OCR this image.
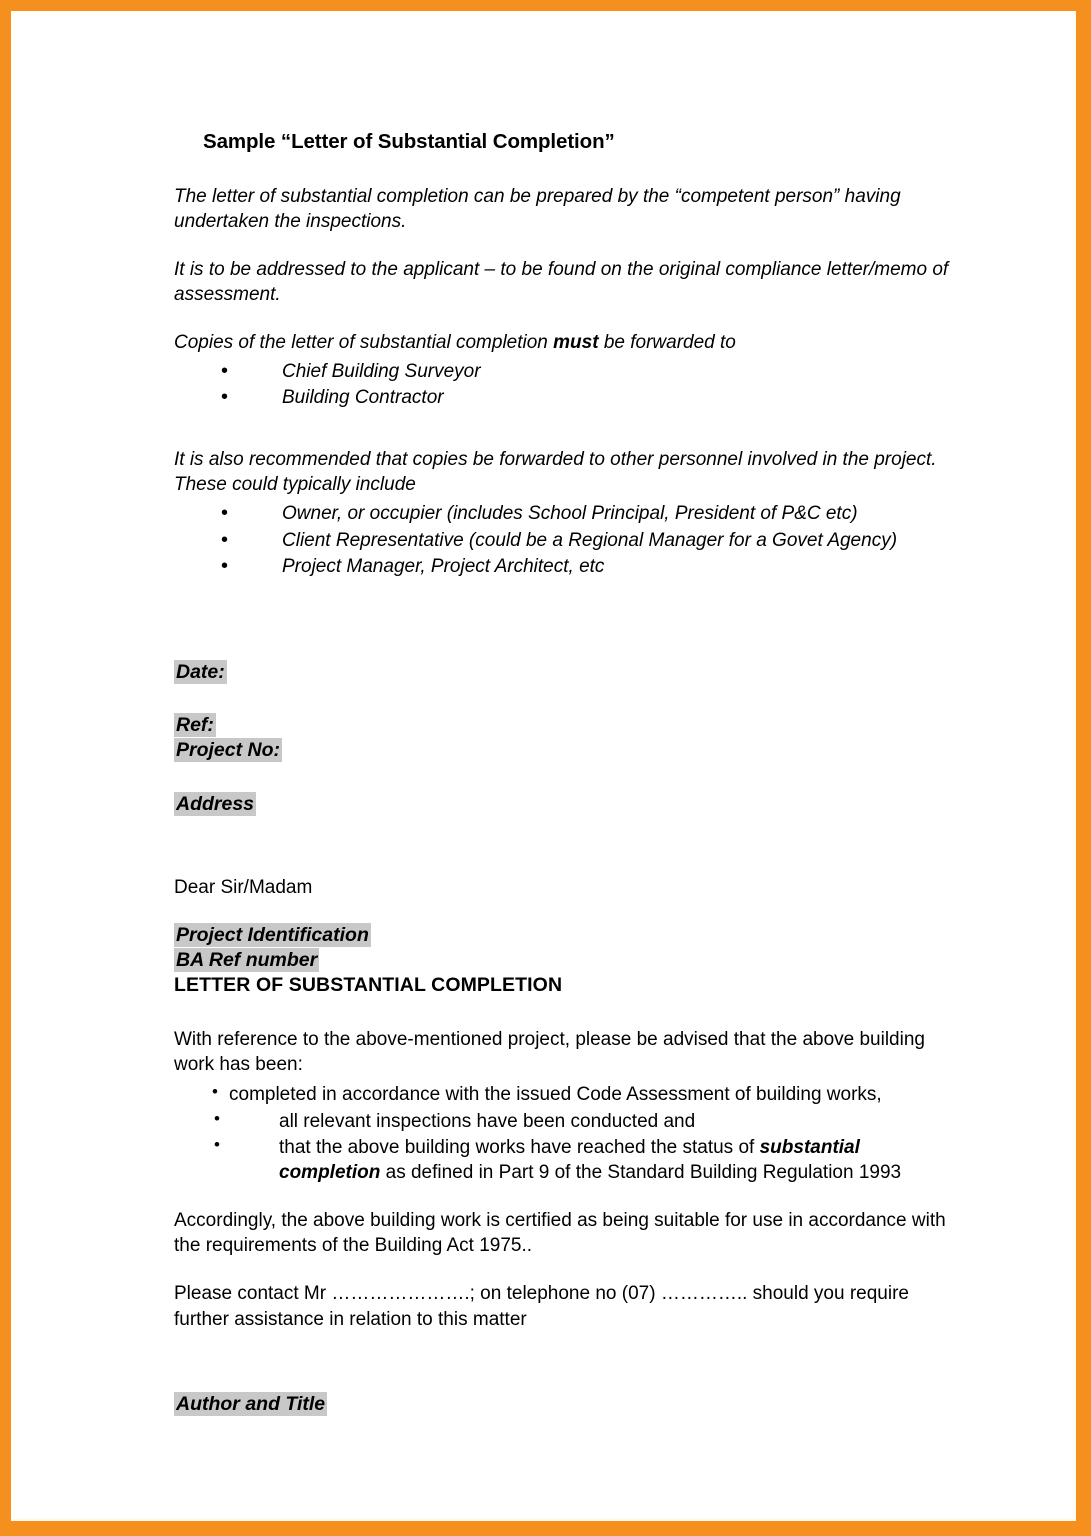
Sample “Letter of Substantial Completion”

The letter of substantial completion can be prepared by the “competent person” having undertaken the inspections.

It is to be addressed to the applicant – to be found on the original compliance letter/memo of assessment.

Copies of the letter of substantial completion must be forwarded to

• Chief Building Surveyor
• Building Contractor

It is also recommended that copies be forwarded to other personnel involved in the project. These could typically include

• Owner, or occupier (includes School Principal, President of P&C etc)
• Client Representative (could be a Regional Manager for a Govet Agency)
• Project Manager, Project Architect, etc

Date:

Ref:

Project No:

Address

Dear Sir/Madam

Project Identification

BA Ref number

LETTER OF SUBSTANTIAL COMPLETION

With reference to the above-mentioned project, please be advised that the above building work has been:

• completed in accordance with the issued Code Assessment of building works,
• all relevant inspections have been conducted and
• that the above building works have reached the status of substantial completion as defined in Part 9 of the Standard Building Regulation 1993

Accordingly, the above building work is certified as being suitable for use in accordance with the requirements of the Building Act 1975..

Please contact Mr ………………….; on telephone no (07) ………….. should you require further assistance in relation to this matter

Author and Title
